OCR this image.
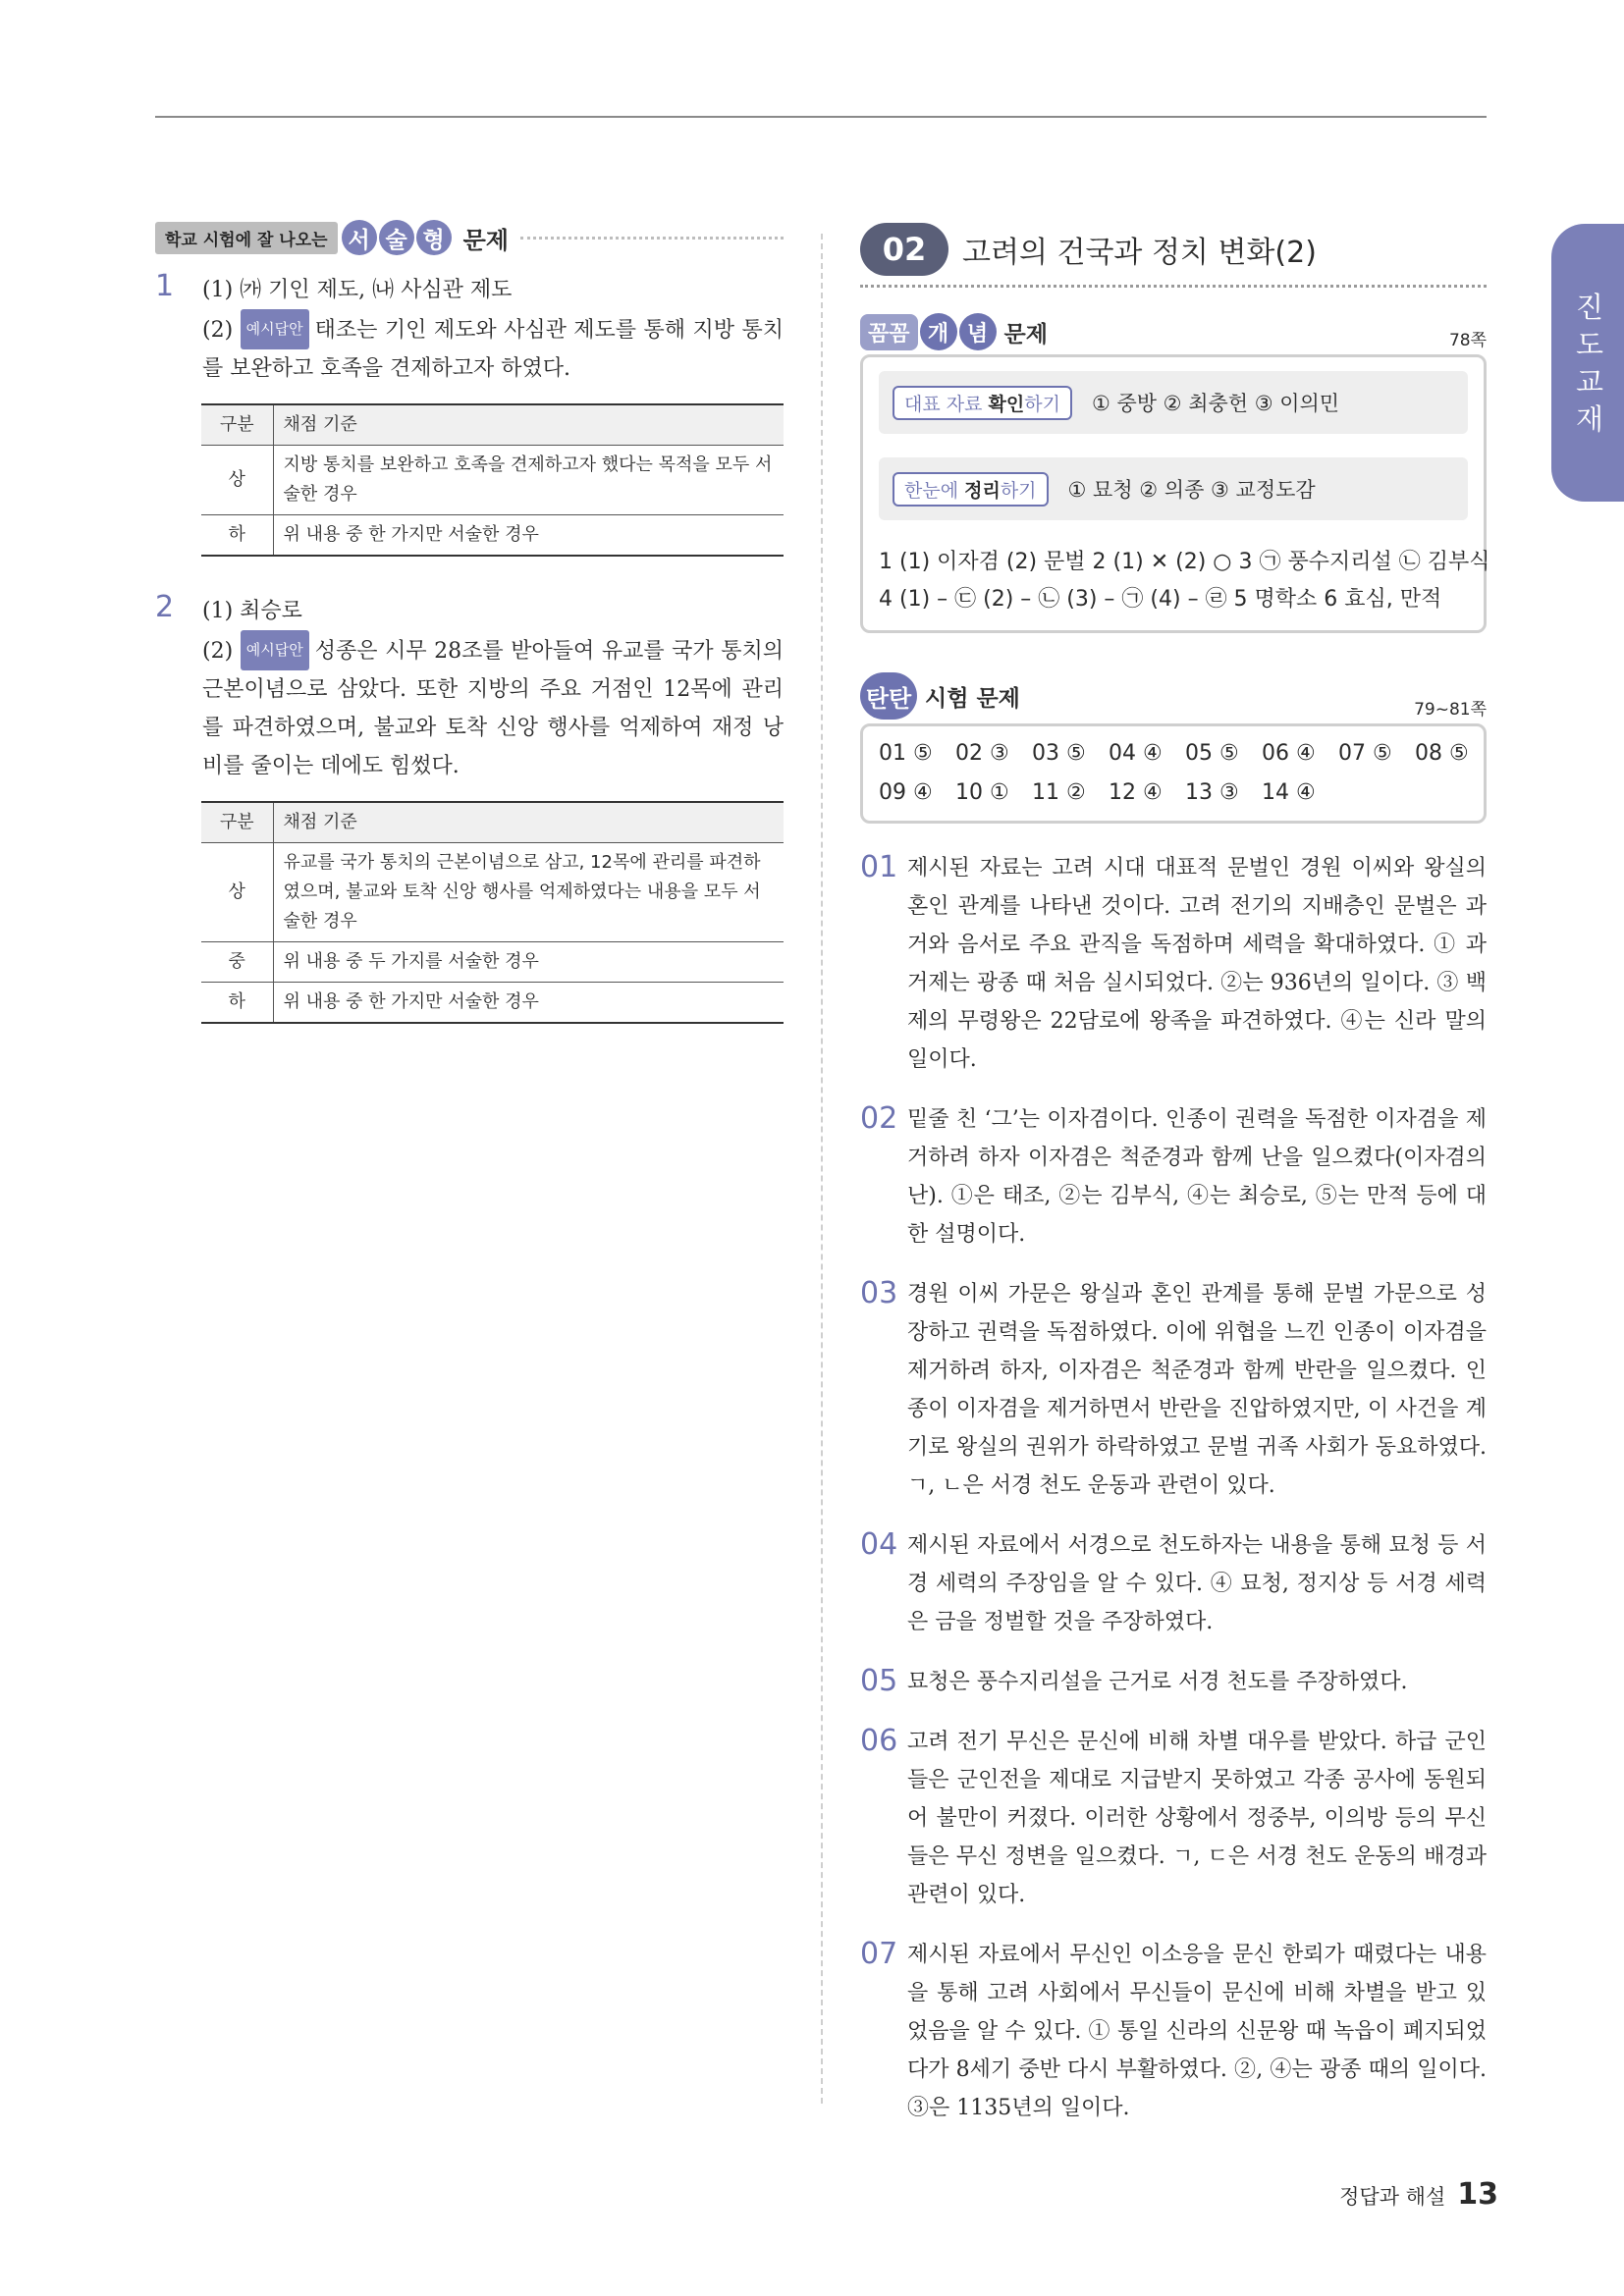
진
도
교
재
학교 시험에 잘 나오는 서 술 형 문제
1 (1) ㈎ 기인 제도, ㈏ 사심관 제도
(2) 예시답안 태조는 기인 제도와 사심관 제도를 통해 지방 통치를 보완하고 호족을 견제하고자 하였다.
구분	채점 기준
상	지방 통치를 보완하고 호족을 견제하고자 했다는 목적을 모두 서술한 경우
하	위 내용 중 한 가지만 서술한 경우
2 (1) 최승로
(2) 예시답안 성종은 시무 28조를 받아들여 유교를 국가 통치의 근본이념으로 삼았다. 또한 지방의 주요 거점인 12목에 관리를 파견하였으며, 불교와 토착 신앙 행사를 억제하여 재정 낭비를 줄이는 데에도 힘썼다.
구분	채점 기준
상	유교를 국가 통치의 근본이념으로 삼고, 12목에 관리를 파견하였으며, 불교와 토착 신앙 행사를 억제하였다는 내용을 모두 서술한 경우
중	위 내용 중 두 가지를 서술한 경우
하	위 내용 중 한 가지만 서술한 경우
02	고려의 건국과 정치 변화(2)
꼼꼼 개 념 문제	78쪽
대표 자료 확인하기	① 중방 ② 최충헌 ③ 이의민
한눈에 정리하기	① 묘청 ② 의종 ③ 교정도감
1 (1) 이자겸 (2) 문벌 2 (1) ✕ (2) ○ 3 ㉠ 풍수지리설 ㉡ 김부식
4 (1) – ㉢ (2) – ㉡ (3) – ㉠ (4) – ㉣ 5 명학소 6 효심, 만적
탄탄 시험 문제	79~81쪽
01 ⑤	02 ③	03 ⑤	04 ④	05 ⑤	06 ④	07 ⑤	08 ⑤
09 ④	10 ①	11 ②	12 ④	13 ③	14 ④
01 제시된 자료는 고려 시대 대표적 문벌인 경원 이씨와 왕실의 혼인 관계를 나타낸 것이다. 고려 전기의 지배층인 문벌은 과거와 음서로 주요 관직을 독점하며 세력을 확대하였다. ① 과거제는 광종 때 처음 실시되었다. ②는 936년의 일이다. ③ 백제의 무령왕은 22담로에 왕족을 파견하였다. ④는 신라 말의 일이다.
02 밑줄 친 ‘그’는 이자겸이다. 인종이 권력을 독점한 이자겸을 제거하려 하자 이자겸은 척준경과 함께 난을 일으켰다(이자겸의 난). ①은 태조, ②는 김부식, ④는 최승로, ⑤는 만적 등에 대한 설명이다.
03 경원 이씨 가문은 왕실과 혼인 관계를 통해 문벌 가문으로 성장하고 권력을 독점하였다. 이에 위협을 느낀 인종이 이자겸을 제거하려 하자, 이자겸은 척준경과 함께 반란을 일으켰다. 인종이 이자겸을 제거하면서 반란을 진압하였지만, 이 사건을 계기로 왕실의 권위가 하락하였고 문벌 귀족 사회가 동요하였다. ㄱ, ㄴ은 서경 천도 운동과 관련이 있다.
04 제시된 자료에서 서경으로 천도하자는 내용을 통해 묘청 등 서경 세력의 주장임을 알 수 있다. ④ 묘청, 정지상 등 서경 세력은 금을 정벌할 것을 주장하였다.
05 묘청은 풍수지리설을 근거로 서경 천도를 주장하였다.
06 고려 전기 무신은 문신에 비해 차별 대우를 받았다. 하급 군인들은 군인전을 제대로 지급받지 못하였고 각종 공사에 동원되어 불만이 커졌다. 이러한 상황에서 정중부, 이의방 등의 무신들은 무신 정변을 일으켰다. ㄱ, ㄷ은 서경 천도 운동의 배경과 관련이 있다.
07 제시된 자료에서 무신인 이소응을 문신 한뢰가 때렸다는 내용을 통해 고려 사회에서 무신들이 문신에 비해 차별을 받고 있었음을 알 수 있다. ① 통일 신라의 신문왕 때 녹읍이 폐지되었다가 8세기 중반 다시 부활하였다. ②, ④는 광종 때의 일이다. ③은 1135년의 일이다.
정답과 해설 13
